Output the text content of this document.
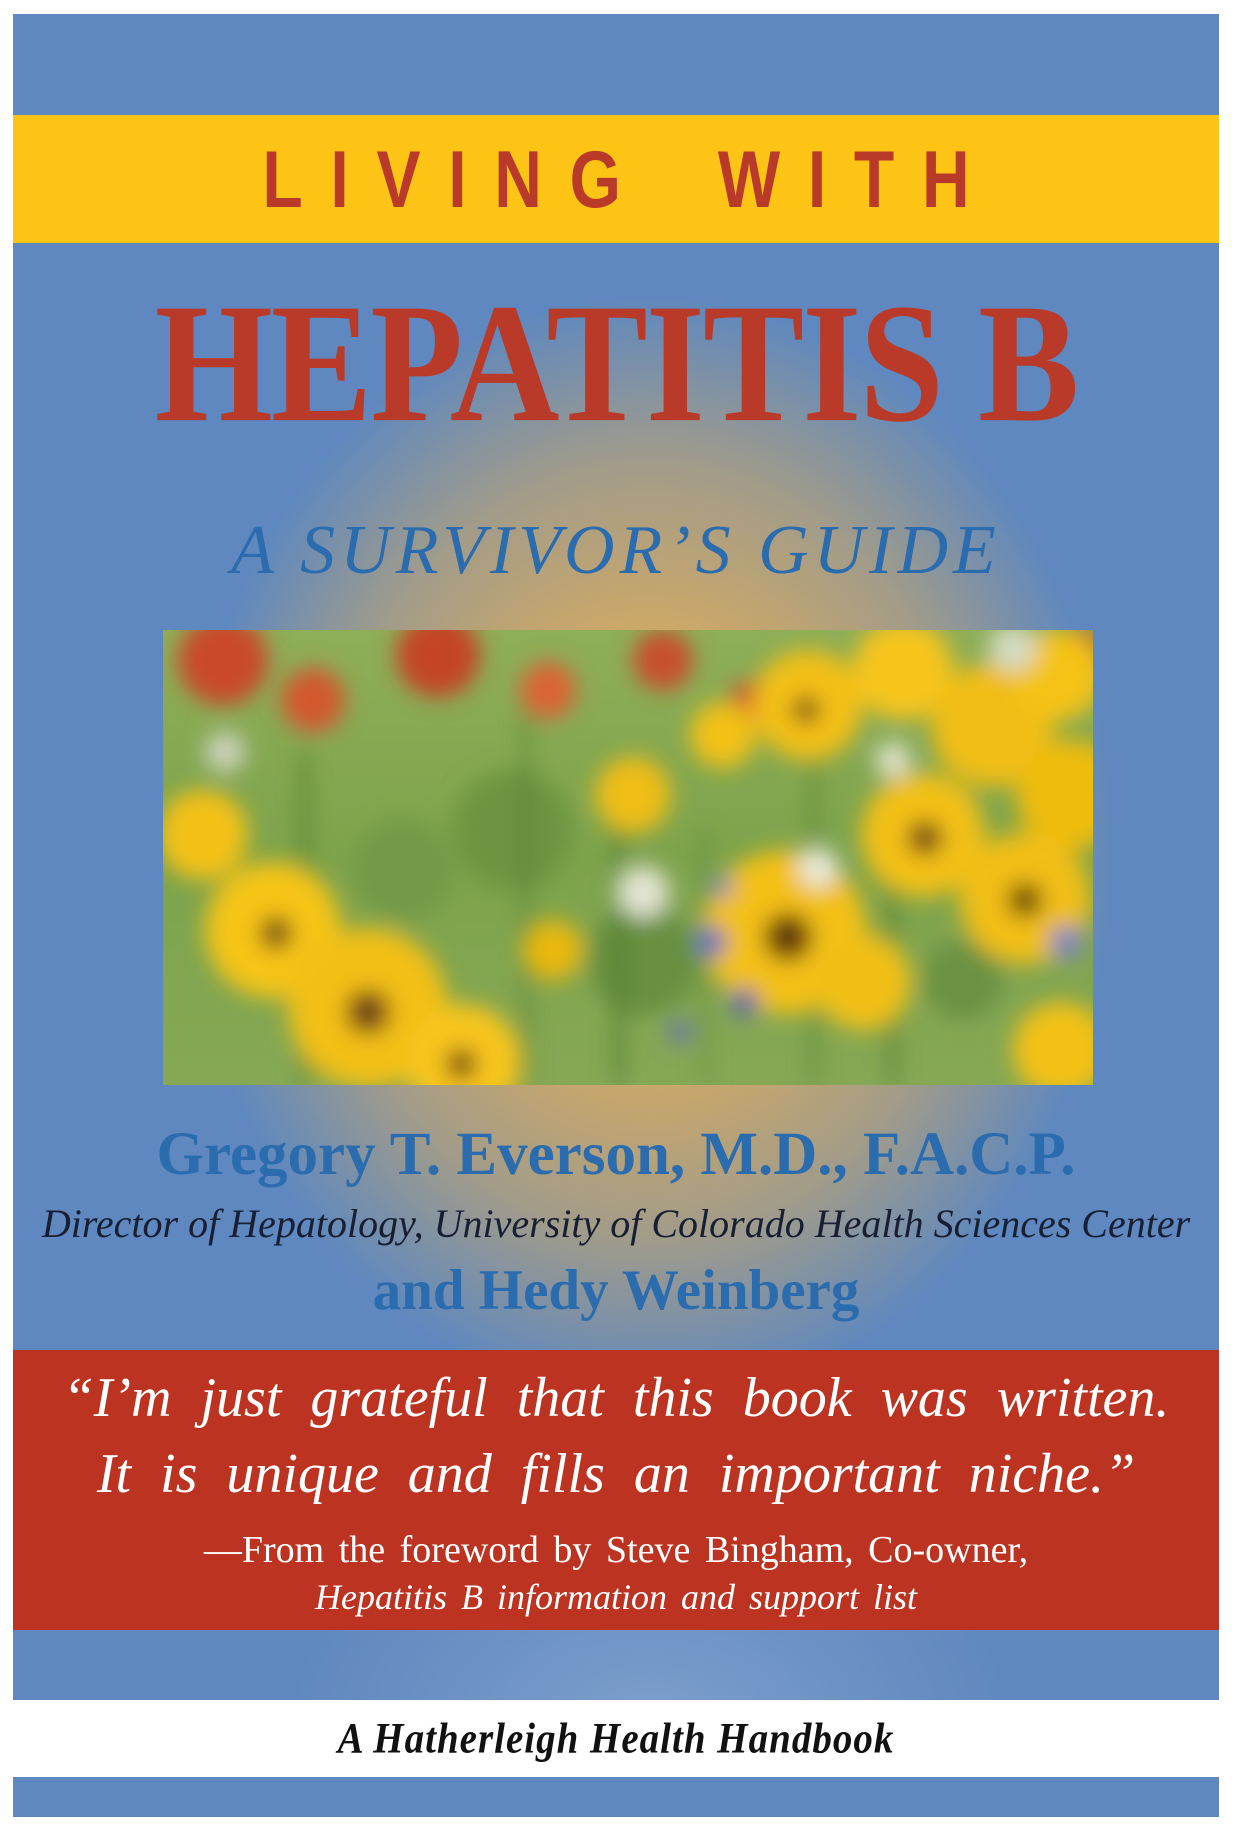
LIVING WITH
HEPATITIS B
A SURVIVOR’S GUIDE
Gregory T. Everson, M.D., F.A.C.P.
Director of Hepatology, University of Colorado Health Sciences Center
and Hedy Weinberg
“I’m just grateful that this book was written.
It is unique and fills an important niche.”
—From the foreword by Steve Bingham, Co-owner,
Hepatitis B information and support list
A Hatherleigh Health Handbook
